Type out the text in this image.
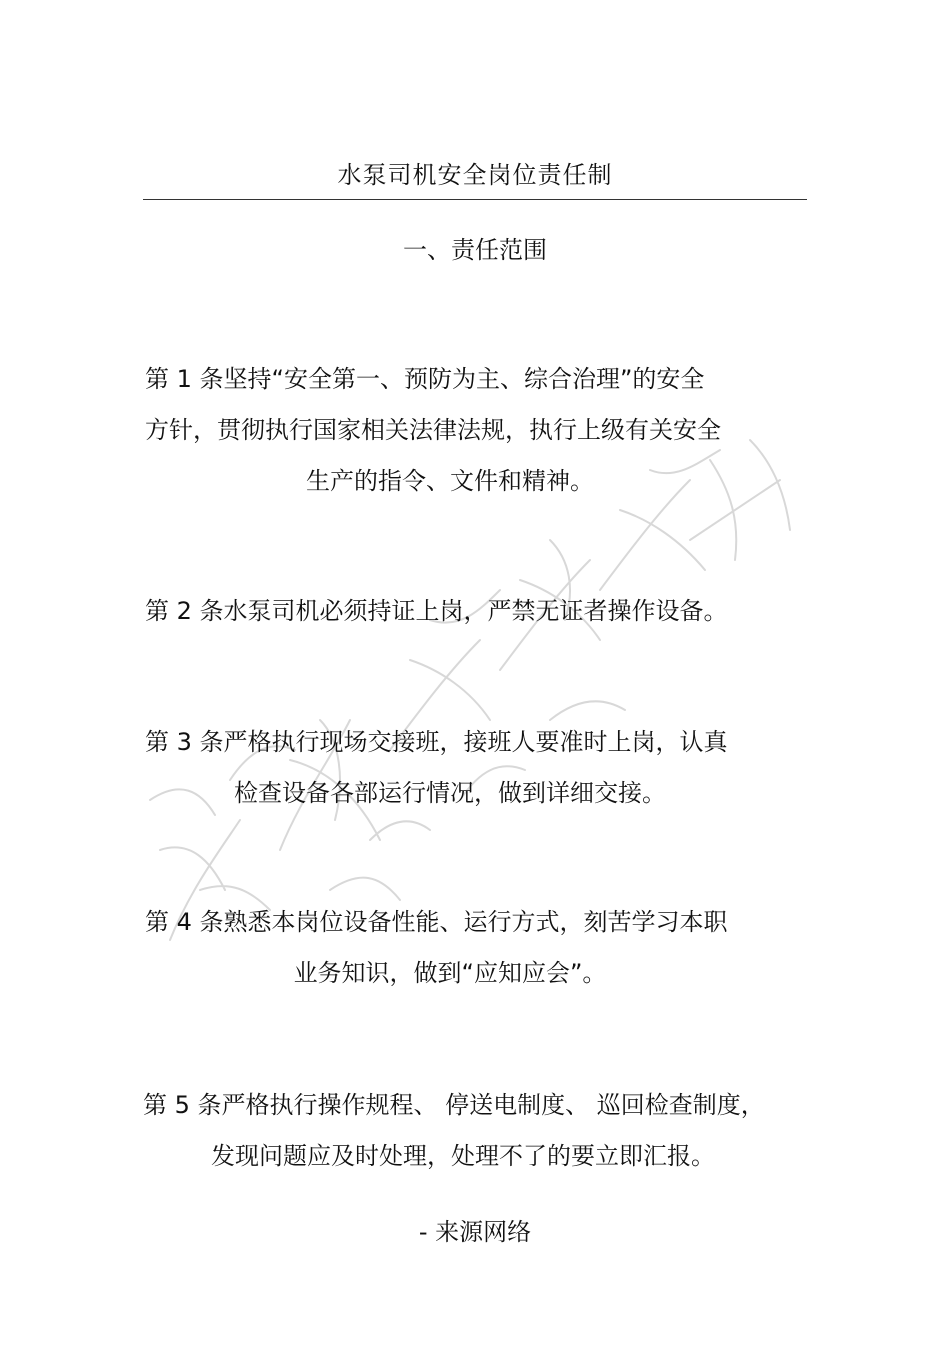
水泵司机安全岗位责任制
一、责任范围
第 1 条坚持“安全第一、预防为主、综合治理”的安全
方针，贯彻执行国家相关法律法规，执行上级有关安全
生产的指令、文件和精神。
第 2 条水泵司机必须持证上岗，严禁无证者操作设备。
第 3 条严格执行现场交接班，接班人要准时上岗，认真
检查设备各部运行情况，做到详细交接。
第 4 条熟悉本岗位设备性能、运行方式，刻苦学习本职
业务知识，做到“应知应会”。
第 5 条严格执行操作规程、 停送电制度、 巡回检查制度，
发现问题应及时处理，处理不了的要立即汇报。
- 来源网络
